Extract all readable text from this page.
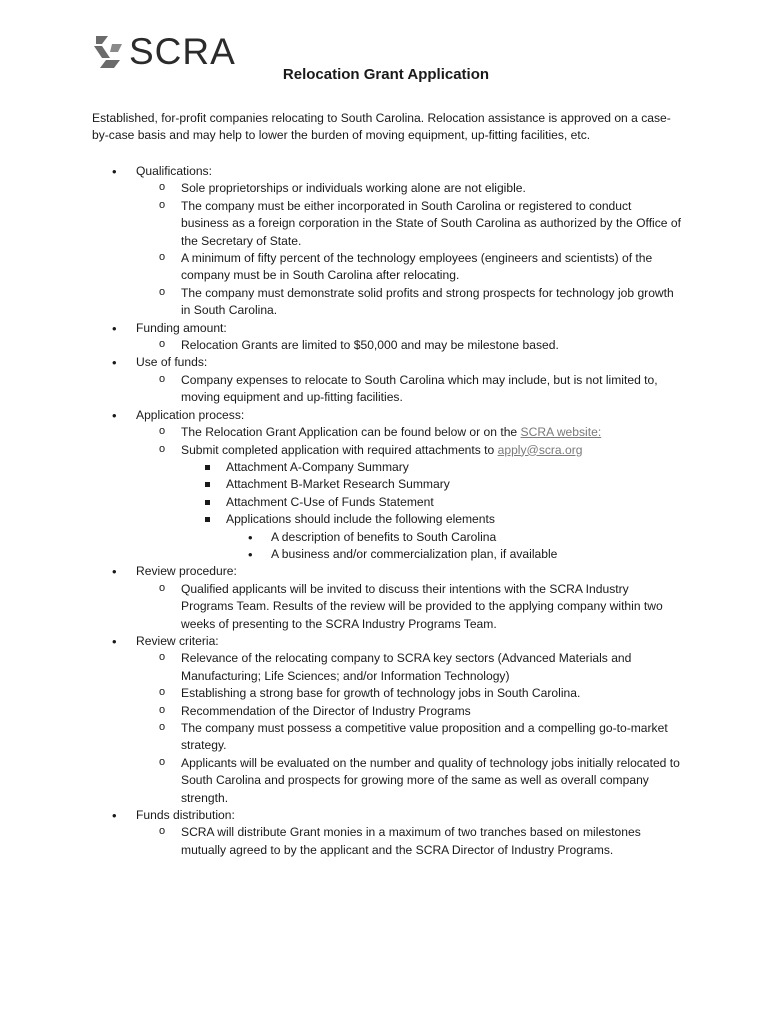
SCRA
Relocation Grant Application
Established, for-profit companies relocating to South Carolina. Relocation assistance is approved on a case-by-case basis and may help to lower the burden of moving equipment, up-fitting facilities, etc.
• Qualifications:
o Sole proprietorships or individuals working alone are not eligible.
o The company must be either incorporated in South Carolina or registered to conduct business as a foreign corporation in the State of South Carolina as authorized by the Office of the Secretary of State.
o A minimum of fifty percent of the technology employees (engineers and scientists) of the company must be in South Carolina after relocating.
o The company must demonstrate solid profits and strong prospects for technology job growth in South Carolina.
• Funding amount:
o Relocation Grants are limited to $50,000 and may be milestone based.
• Use of funds:
o Company expenses to relocate to South Carolina which may include, but is not limited to, moving equipment and up-fitting facilities.
• Application process:
o The Relocation Grant Application can be found below or on the SCRA website:
o Submit completed application with required attachments to apply@scra.org
Attachment A-Company Summary
Attachment B-Market Research Summary
Attachment C-Use of Funds Statement
Applications should include the following elements
• A description of benefits to South Carolina
• A business and/or commercialization plan, if available
• Review procedure:
o Qualified applicants will be invited to discuss their intentions with the SCRA Industry Programs Team. Results of the review will be provided to the applying company within two weeks of presenting to the SCRA Industry Programs Team.
• Review criteria:
o Relevance of the relocating company to SCRA key sectors (Advanced Materials and Manufacturing; Life Sciences; and/or Information Technology)
o Establishing a strong base for growth of technology jobs in South Carolina.
o Recommendation of the Director of Industry Programs
o The company must possess a competitive value proposition and a compelling go-to-market strategy.
o Applicants will be evaluated on the number and quality of technology jobs initially relocated to South Carolina and prospects for growing more of the same as well as overall company strength.
• Funds distribution:
o SCRA will distribute Grant monies in a maximum of two tranches based on milestones mutually agreed to by the applicant and the SCRA Director of Industry Programs.
